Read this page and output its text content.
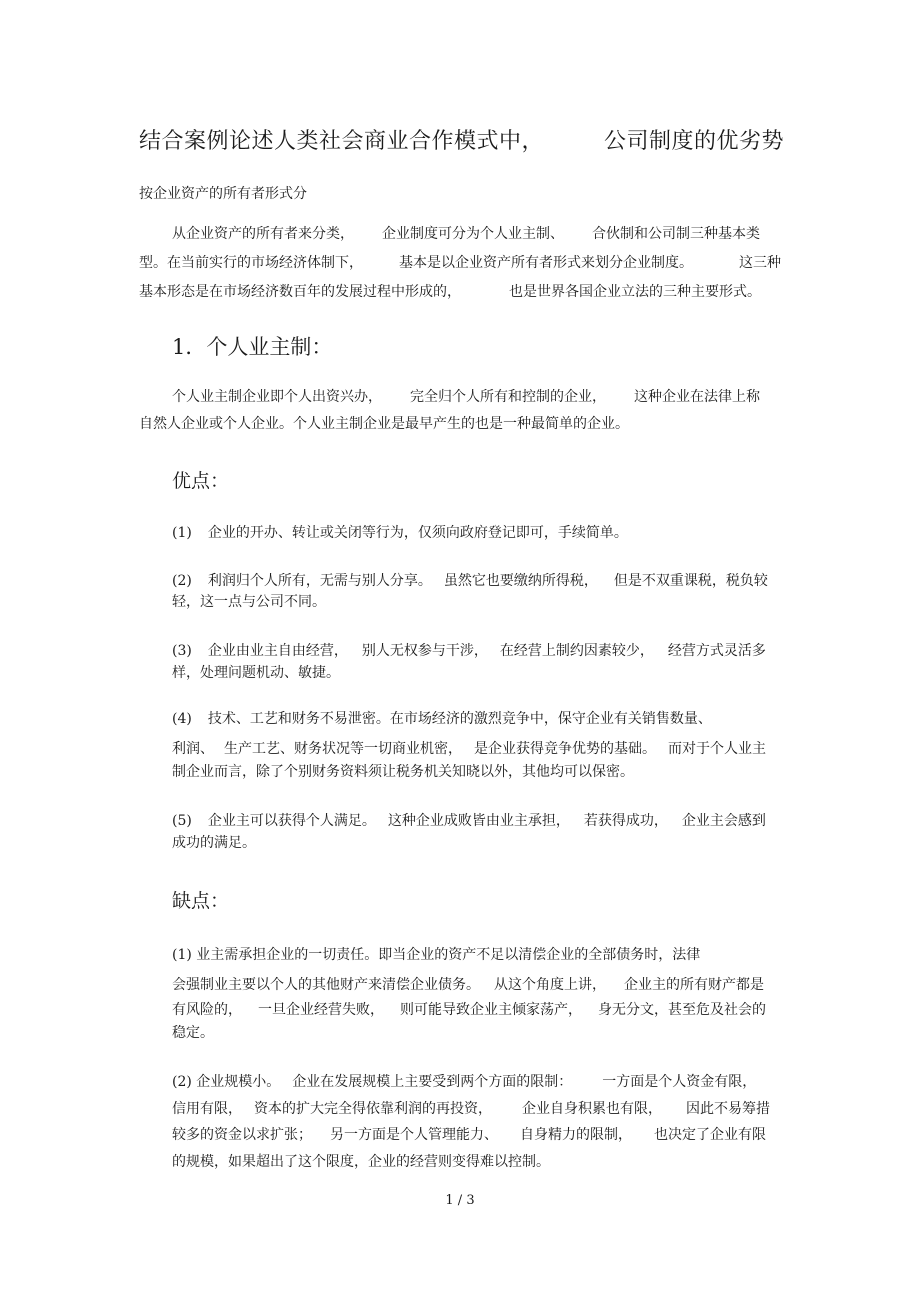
结合案例论述人类社会商业合作模式中，	公司制度的优劣势
按企业资产的所有者形式分
从企业资产的所有者来分类， 企业制度可分为个人业主制、 合伙制和公司制三种基本类
型。在当前实行的市场经济体制下，	基本是以企业资产所有者形式来划分企业制度。	这三种
基本形态是在市场经济数百年的发展过程中形成的，	也是世界各国企业立法的三种主要形式。
1．个人业主制：
个人业主制企业即个人出资兴办， 完全归个人所有和控制的企业， 这种企业在法律上称
自然人企业或个人企业。个人业主制企业是最早产生的也是一种最简单的企业。
优点：
(1) 企业的开办、转让或关闭等行为，仅须向政府登记即可，手续简单。
(2) 利润归个人所有，无需与别人分享。 虽然它也要缴纳所得税， 但是不双重课税，税负较
轻，这一点与公司不同。
(3) 企业由业主自由经营， 别人无权参与干涉， 在经营上制约因素较少， 经营方式灵活多
样，处理问题机动、敏捷。
(4) 技术、工艺和财务不易泄密。在市场经济的激烈竞争中，保守企业有关销售数量、
利润、 生产工艺、财务状况等一切商业机密， 是企业获得竞争优势的基础。 而对于个人业主
制企业而言，除了个别财务资料须让税务机关知晓以外，其他均可以保密。
(5) 企业主可以获得个人满足。 这种企业成败皆由业主承担， 若获得成功， 企业主会感到
成功的满足。
缺点：
(1) 业主需承担企业的一切责任。即当企业的资产不足以清偿企业的全部债务时，法律
会强制业主要以个人的其他财产来清偿企业债务。 从这个角度上讲， 企业主的所有财产都是
有风险的， 一旦企业经营失败， 则可能导致企业主倾家荡产， 身无分文，甚至危及社会的
稳定。
(2) 企业规模小。 企业在发展规模上主要受到两个方面的限制： 一方面是个人资金有限，
信用有限， 资本的扩大完全得依靠利润的再投资， 企业自身积累也有限， 因此不易筹措
较多的资金以求扩张； 另一方面是个人管理能力、 自身精力的限制， 也决定了企业有限
的规模，如果超出了这个限度，企业的经营则变得难以控制。
1 / 3
